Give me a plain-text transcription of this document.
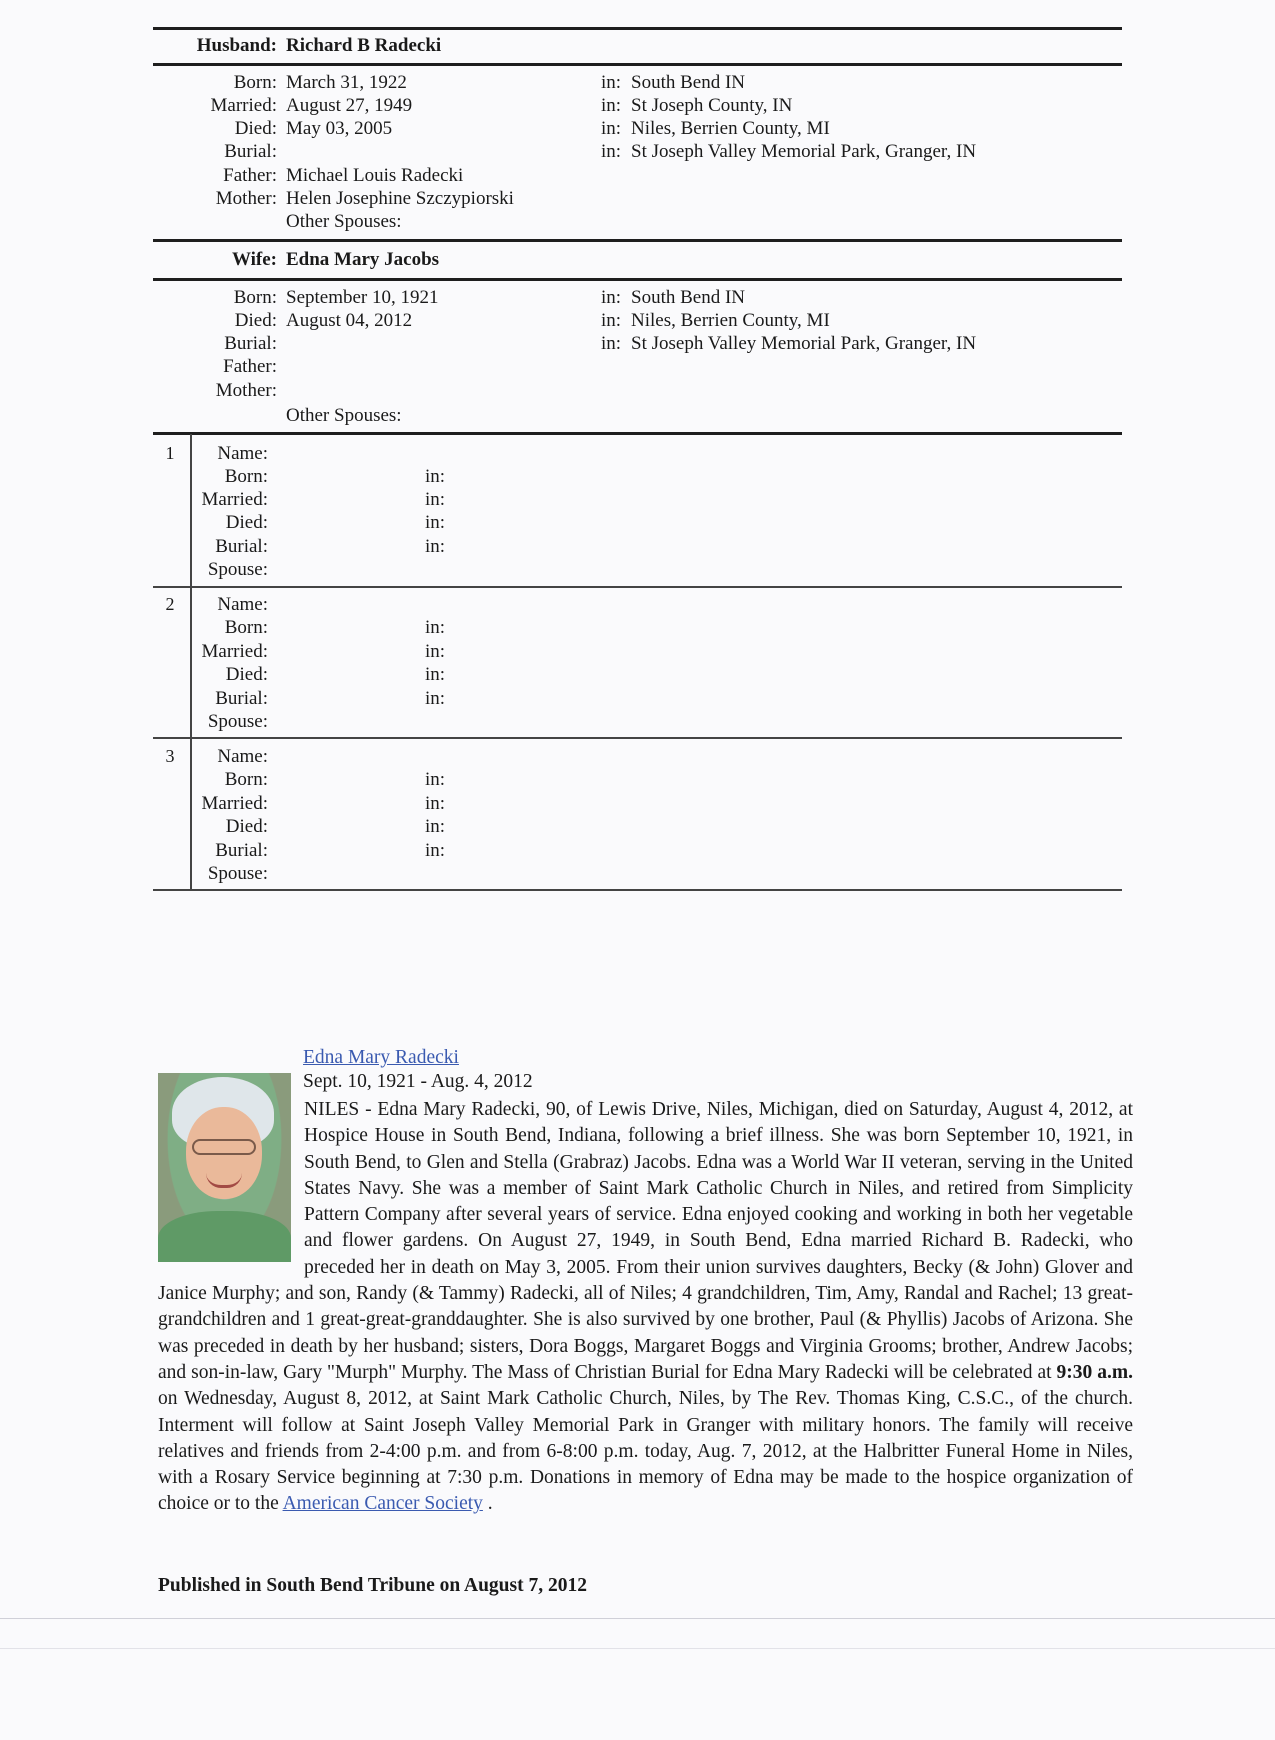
Husband: Richard B Radecki
Born: March 31, 1922	in: South Bend IN
Married: August 27, 1949	in: St Joseph County, IN
Died: May 03, 2005	in: Niles, Berrien County, MI
Burial:	in: St Joseph Valley Memorial Park, Granger, IN
Father: Michael Louis Radecki
Mother: Helen Josephine Szczypiorski
Other Spouses:
Wife: Edna Mary Jacobs
Born: September 10, 1921	in: South Bend IN
Died: August 04, 2012	in: Niles, Berrien County, MI
Burial:	in: St Joseph Valley Memorial Park, Granger, IN
Father:
Mother:
Other Spouses:
1	Name:
Born:	in:
Married:	in:
Died:	in:
Burial:	in:
Spouse:
2	Name:
Born:	in:
Married:	in:
Died:	in:
Burial:	in:
Spouse:
3	Name:
Born:	in:
Married:	in:
Died:	in:
Burial:	in:
Spouse:
Edna Mary Radecki
Sept. 10, 1921 - Aug. 4, 2012
NILES - Edna Mary Radecki, 90, of Lewis Drive, Niles, Michigan, died on Saturday, August 4, 2012, at Hospice House in South Bend, Indiana, following a brief illness. She was born September 10, 1921, in South Bend, to Glen and Stella (Grabraz) Jacobs. Edna was a World War II veteran, serving in the United States Navy. She was a member of Saint Mark Catholic Church in Niles, and retired from Simplicity Pattern Company after several years of service. Edna enjoyed cooking and working in both her vegetable and flower gardens. On August 27, 1949, in South Bend, Edna married Richard B. Radecki, who preceded her in death on May 3, 2005. From their union survives daughters, Becky (& John) Glover and Janice Murphy; and son, Randy (& Tammy) Radecki, all of Niles; 4 grandchildren, Tim, Amy, Randal and Rachel; 13 great-grandchildren and 1 great-great-granddaughter. She is also survived by one brother, Paul (& Phyllis) Jacobs of Arizona. She was preceded in death by her husband; sisters, Dora Boggs, Margaret Boggs and Virginia Grooms; brother, Andrew Jacobs; and son-in-law, Gary "Murph" Murphy. The Mass of Christian Burial for Edna Mary Radecki will be celebrated at 9:30 a.m. on Wednesday, August 8, 2012, at Saint Mark Catholic Church, Niles, by The Rev. Thomas King, C.S.C., of the church. Interment will follow at Saint Joseph Valley Memorial Park in Granger with military honors. The family will receive relatives and friends from 2-4:00 p.m. and from 6-8:00 p.m. today, Aug. 7, 2012, at the Halbritter Funeral Home in Niles, with a Rosary Service beginning at 7:30 p.m. Donations in memory of Edna may be made to the hospice organization of choice or to the American Cancer Society .
Published in South Bend Tribune on August 7, 2012
